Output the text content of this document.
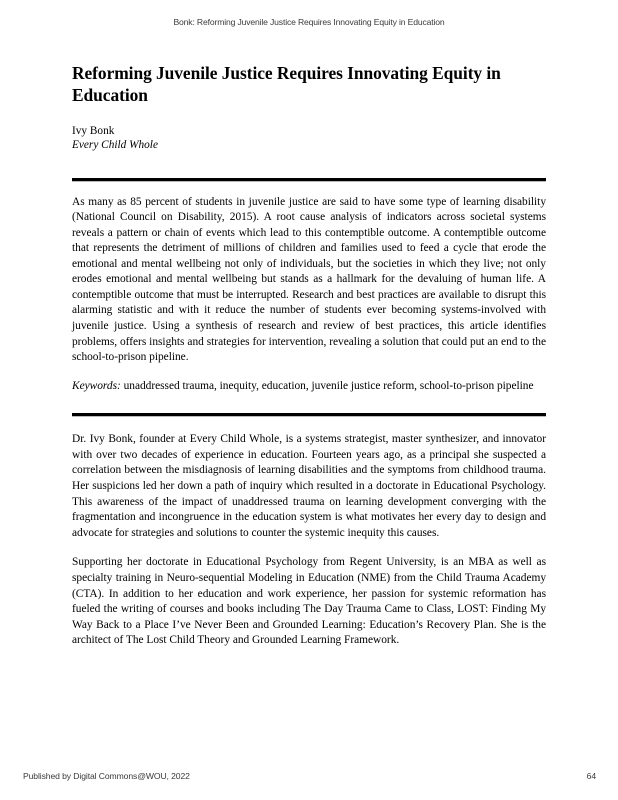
Bonk: Reforming Juvenile Justice Requires Innovating Equity in Education
Reforming Juvenile Justice Requires Innovating Equity in Education
Ivy Bonk
Every Child Whole

As many as 85 percent of students in juvenile justice are said to have some type of learning disability (National Council on Disability, 2015). A root cause analysis of indicators across societal systems reveals a pattern or chain of events which lead to this contemptible outcome. A contemptible outcome that represents the detriment of millions of children and families used to feed a cycle that erode the emotional and mental wellbeing not only of individuals, but the societies in which they live; not only erodes emotional and mental wellbeing but stands as a hallmark for the devaluing of human life. A contemptible outcome that must be interrupted. Research and best practices are available to disrupt this alarming statistic and with it reduce the number of students ever becoming systems-involved with juvenile justice. Using a synthesis of research and review of best practices, this article identifies problems, offers insights and strategies for intervention, revealing a solution that could put an end to the school-to-prison pipeline.

Keywords: unaddressed trauma, inequity, education, juvenile justice reform, school-to-prison pipeline

Dr. Ivy Bonk, founder at Every Child Whole, is a systems strategist, master synthesizer, and innovator with over two decades of experience in education. Fourteen years ago, as a principal she suspected a correlation between the misdiagnosis of learning disabilities and the symptoms from childhood trauma. Her suspicions led her down a path of inquiry which resulted in a doctorate in Educational Psychology. This awareness of the impact of unaddressed trauma on learning development converging with the fragmentation and incongruence in the education system is what motivates her every day to design and advocate for strategies and solutions to counter the systemic inequity this causes.

Supporting her doctorate in Educational Psychology from Regent University, is an MBA as well as specialty training in Neuro-sequential Modeling in Education (NME) from the Child Trauma Academy (CTA). In addition to her education and work experience, her passion for systemic reformation has fueled the writing of courses and books including The Day Trauma Came to Class, LOST: Finding My Way Back to a Place I’ve Never Been and Grounded Learning: Education’s Recovery Plan. She is the architect of The Lost Child Theory and Grounded Learning Framework.

Published by Digital Commons@WOU, 2022	64
